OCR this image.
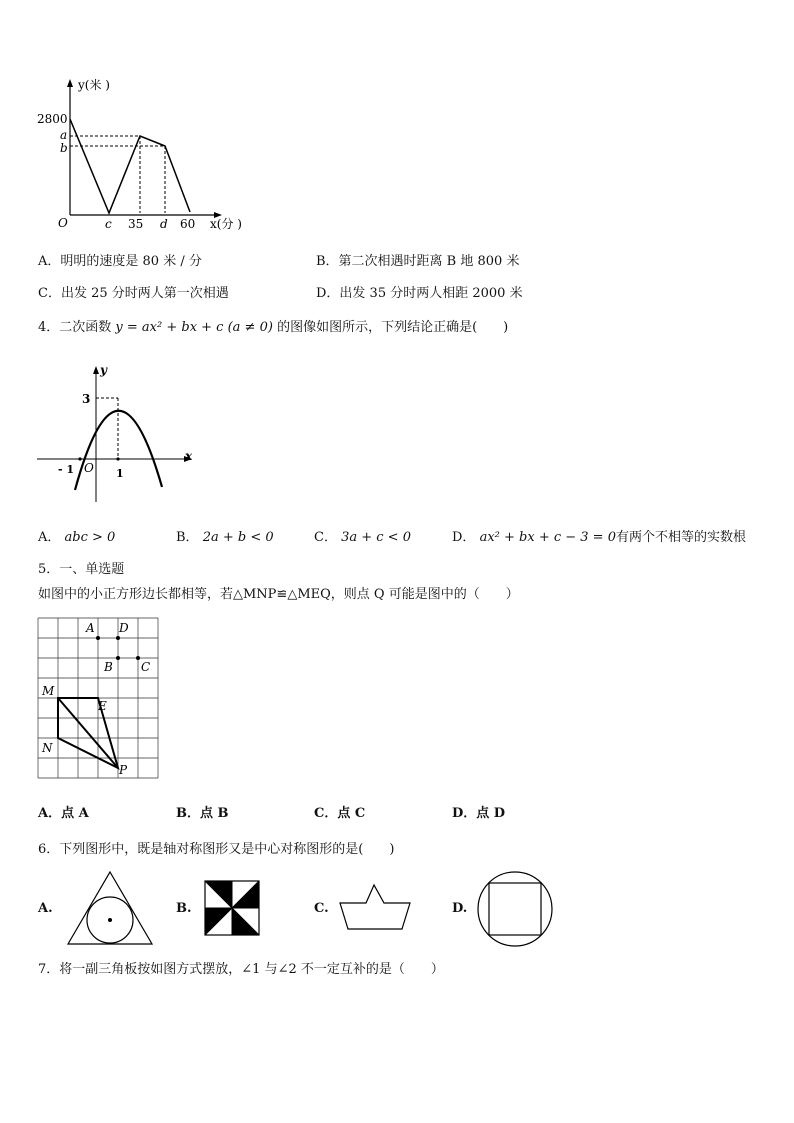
y(米 )
x(分 )
O
2800
a
b
c 35 d 60
A．明明的速度是 80 米 / 分	B．第二次相遇时距离 B 地 800 米
C．出发 25 分时两人第一次相遇	D．出发 35 分时两人相距 2000 米
4．二次函数 y = ax² + bx + c (a ≠ 0) 的图像如图所示，下列结论正确是(　　)
y
x
O
3
- 1	1
A． abc > 0	B． 2a + b < 0	C． 3a + c < 0	D． ax² + bx + c − 3 = 0有两个不相等的实数根
5．一、单选题
如图中的小正方形边长都相等，若△MNP≌△MEQ，则点 Q 可能是图中的（　　）
A D
B C
M
E
N
P
A．点 A	B．点 B	C．点 C	D．点 D
6．下列图形中，既是轴对称图形又是中心对称图形的是(　　)
A.	B.	C.	D.
7．将一副三角板按如图方式摆放，∠1 与∠2 不一定互补的是（　　）
